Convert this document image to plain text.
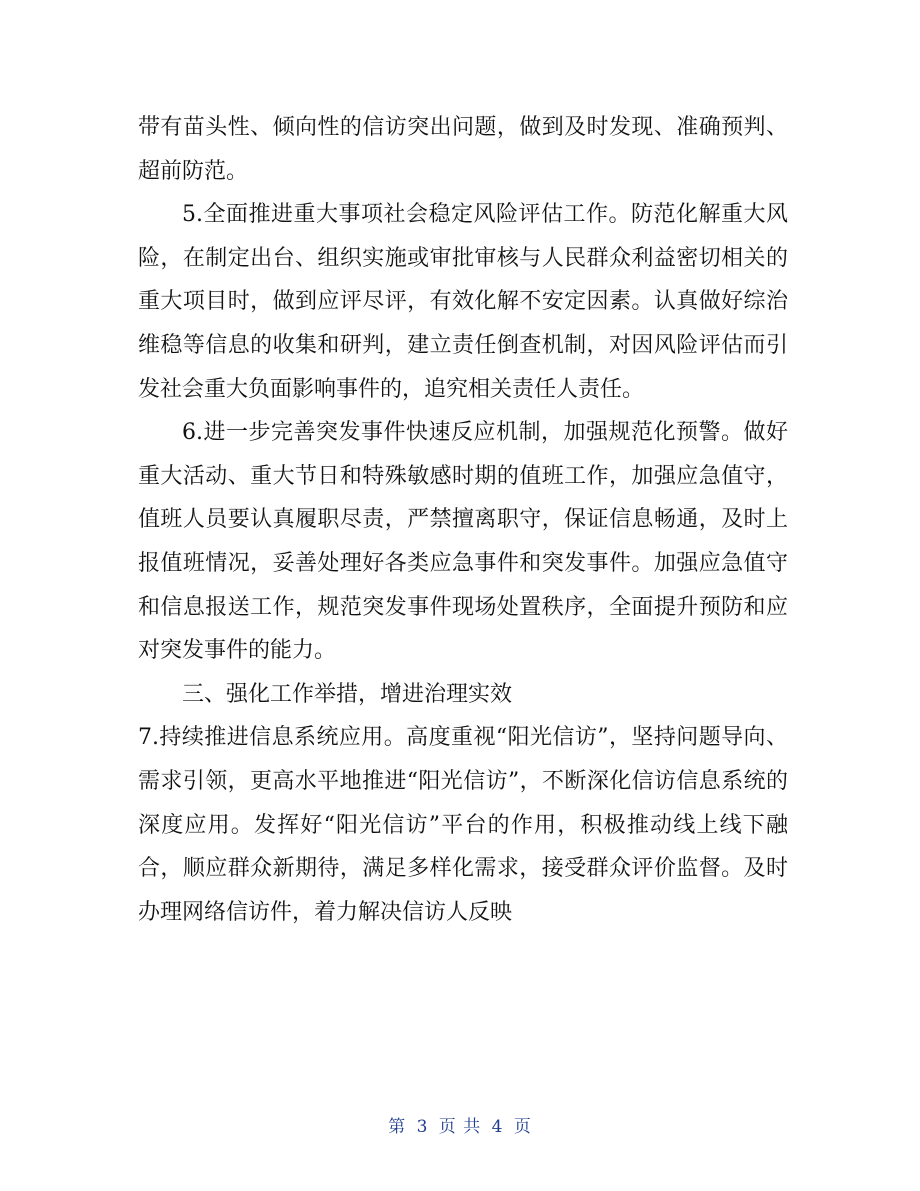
带有苗头性、倾向性的信访突出问题，做到及时发现、准确预判、超前防范。

5.全面推进重大事项社会稳定风险评估工作。防范化解重大风险，在制定出台、组织实施或审批审核与人民群众利益密切相关的重大项目时，做到应评尽评，有效化解不安定因素。认真做好综治维稳等信息的收集和研判，建立责任倒查机制，对因风险评估而引发社会重大负面影响事件的，追究相关责任人责任。

6.进一步完善突发事件快速反应机制，加强规范化预警。做好重大活动、重大节日和特殊敏感时期的值班工作，加强应急值守，值班人员要认真履职尽责，严禁擅离职守，保证信息畅通，及时上报值班情况，妥善处理好各类应急事件和突发事件。加强应急值守和信息报送工作，规范突发事件现场处置秩序，全面提升预防和应对突发事件的能力。

三、强化工作举措，增进治理实效

7.持续推进信息系统应用。高度重视“阳光信访”，坚持问题导向、需求引领，更高水平地推进“阳光信访”，不断深化信访信息系统的深度应用。发挥好“阳光信访”平台的作用，积极推动线上线下融合，顺应群众新期待，满足多样化需求，接受群众评价监督。及时办理网络信访件，着力解决信访人反映

第 3 页 共 4 页
